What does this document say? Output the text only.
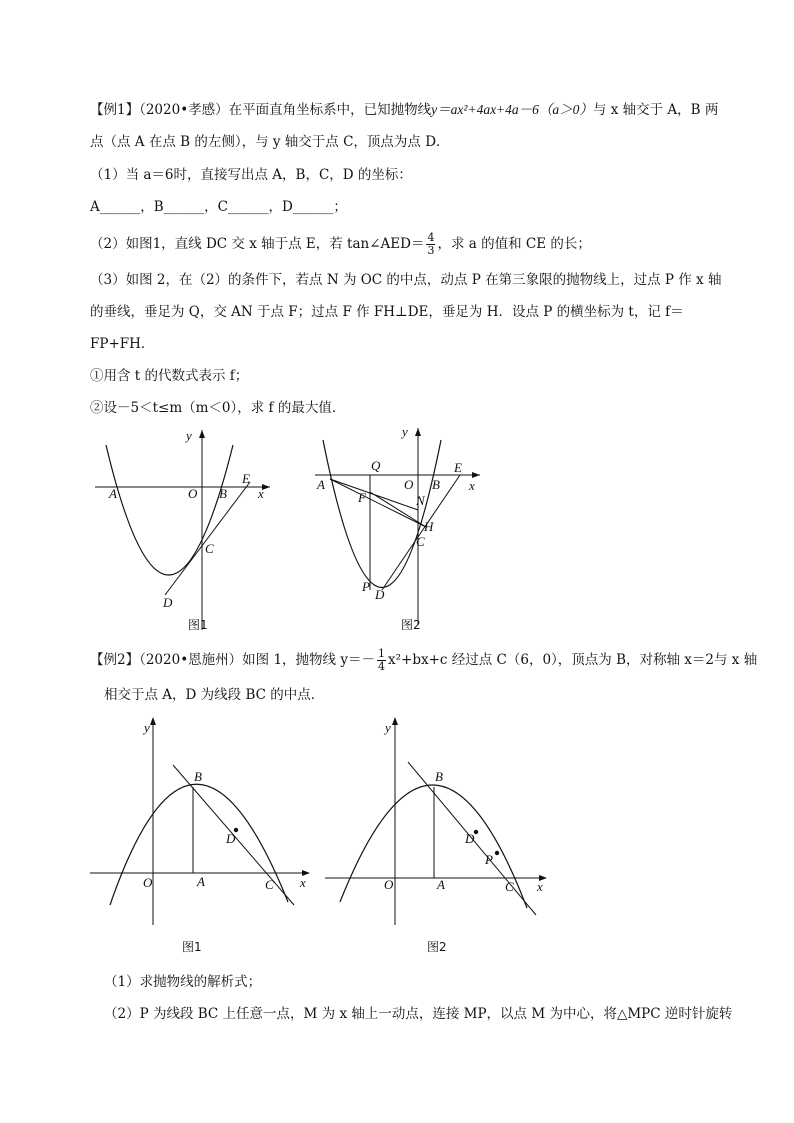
【例1】（2020•孝感）在平面直角坐标系中，已知抛物线y＝ax²+4ax+4a－6（a＞0）与 x 轴交于 A，B 两
点（点 A 在点 B 的左侧），与 y 轴交于点 C，顶点为点 D．
（1）当 a＝6时，直接写出点 A，B，C，D 的坐标：
A______，B______，C______，D______；
（2）如图1，直线 DC 交 x 轴于点 E，若 tan∠AED＝ $\frac{4}{3}$ ，求 a 的值和 CE 的长；
（3）如图 2，在（2）的条件下，若点 N 为 OC 的中点，动点 P 在第三象限的抛物线上，过点 P 作 x 轴
的垂线，垂足为 Q，交 AN 于点 F；过点 F 作 FH⊥DE，垂足为 H．设点 P 的横坐标为 t，记 f＝
FP+FH．
①用含 t 的代数式表示 f；
②设－5＜t≤m（m＜0），求 f 的最大值．
y
x
A	O B
E
C
D
图1
y
x
A
Q
O B
E
F	N
H
C
P
D
图2
【例2】（2020•恩施州）如图 1，抛物线 $y=- \frac{1}{4} x^2+bx+c$ 经过点 C（6，0），顶点为 B，对称轴 x＝2与 x 轴
相交于点 A，D 为线段 BC 的中点．
y
x
B
D
O	A	C
图1
y
x
B
D
P
O	A	C
图2
（1）求抛物线的解析式；
（2）P 为线段 BC 上任意一点，M 为 x 轴上一动点，连接 MP，以点 M 为中心，将△MPC 逆时针旋转
